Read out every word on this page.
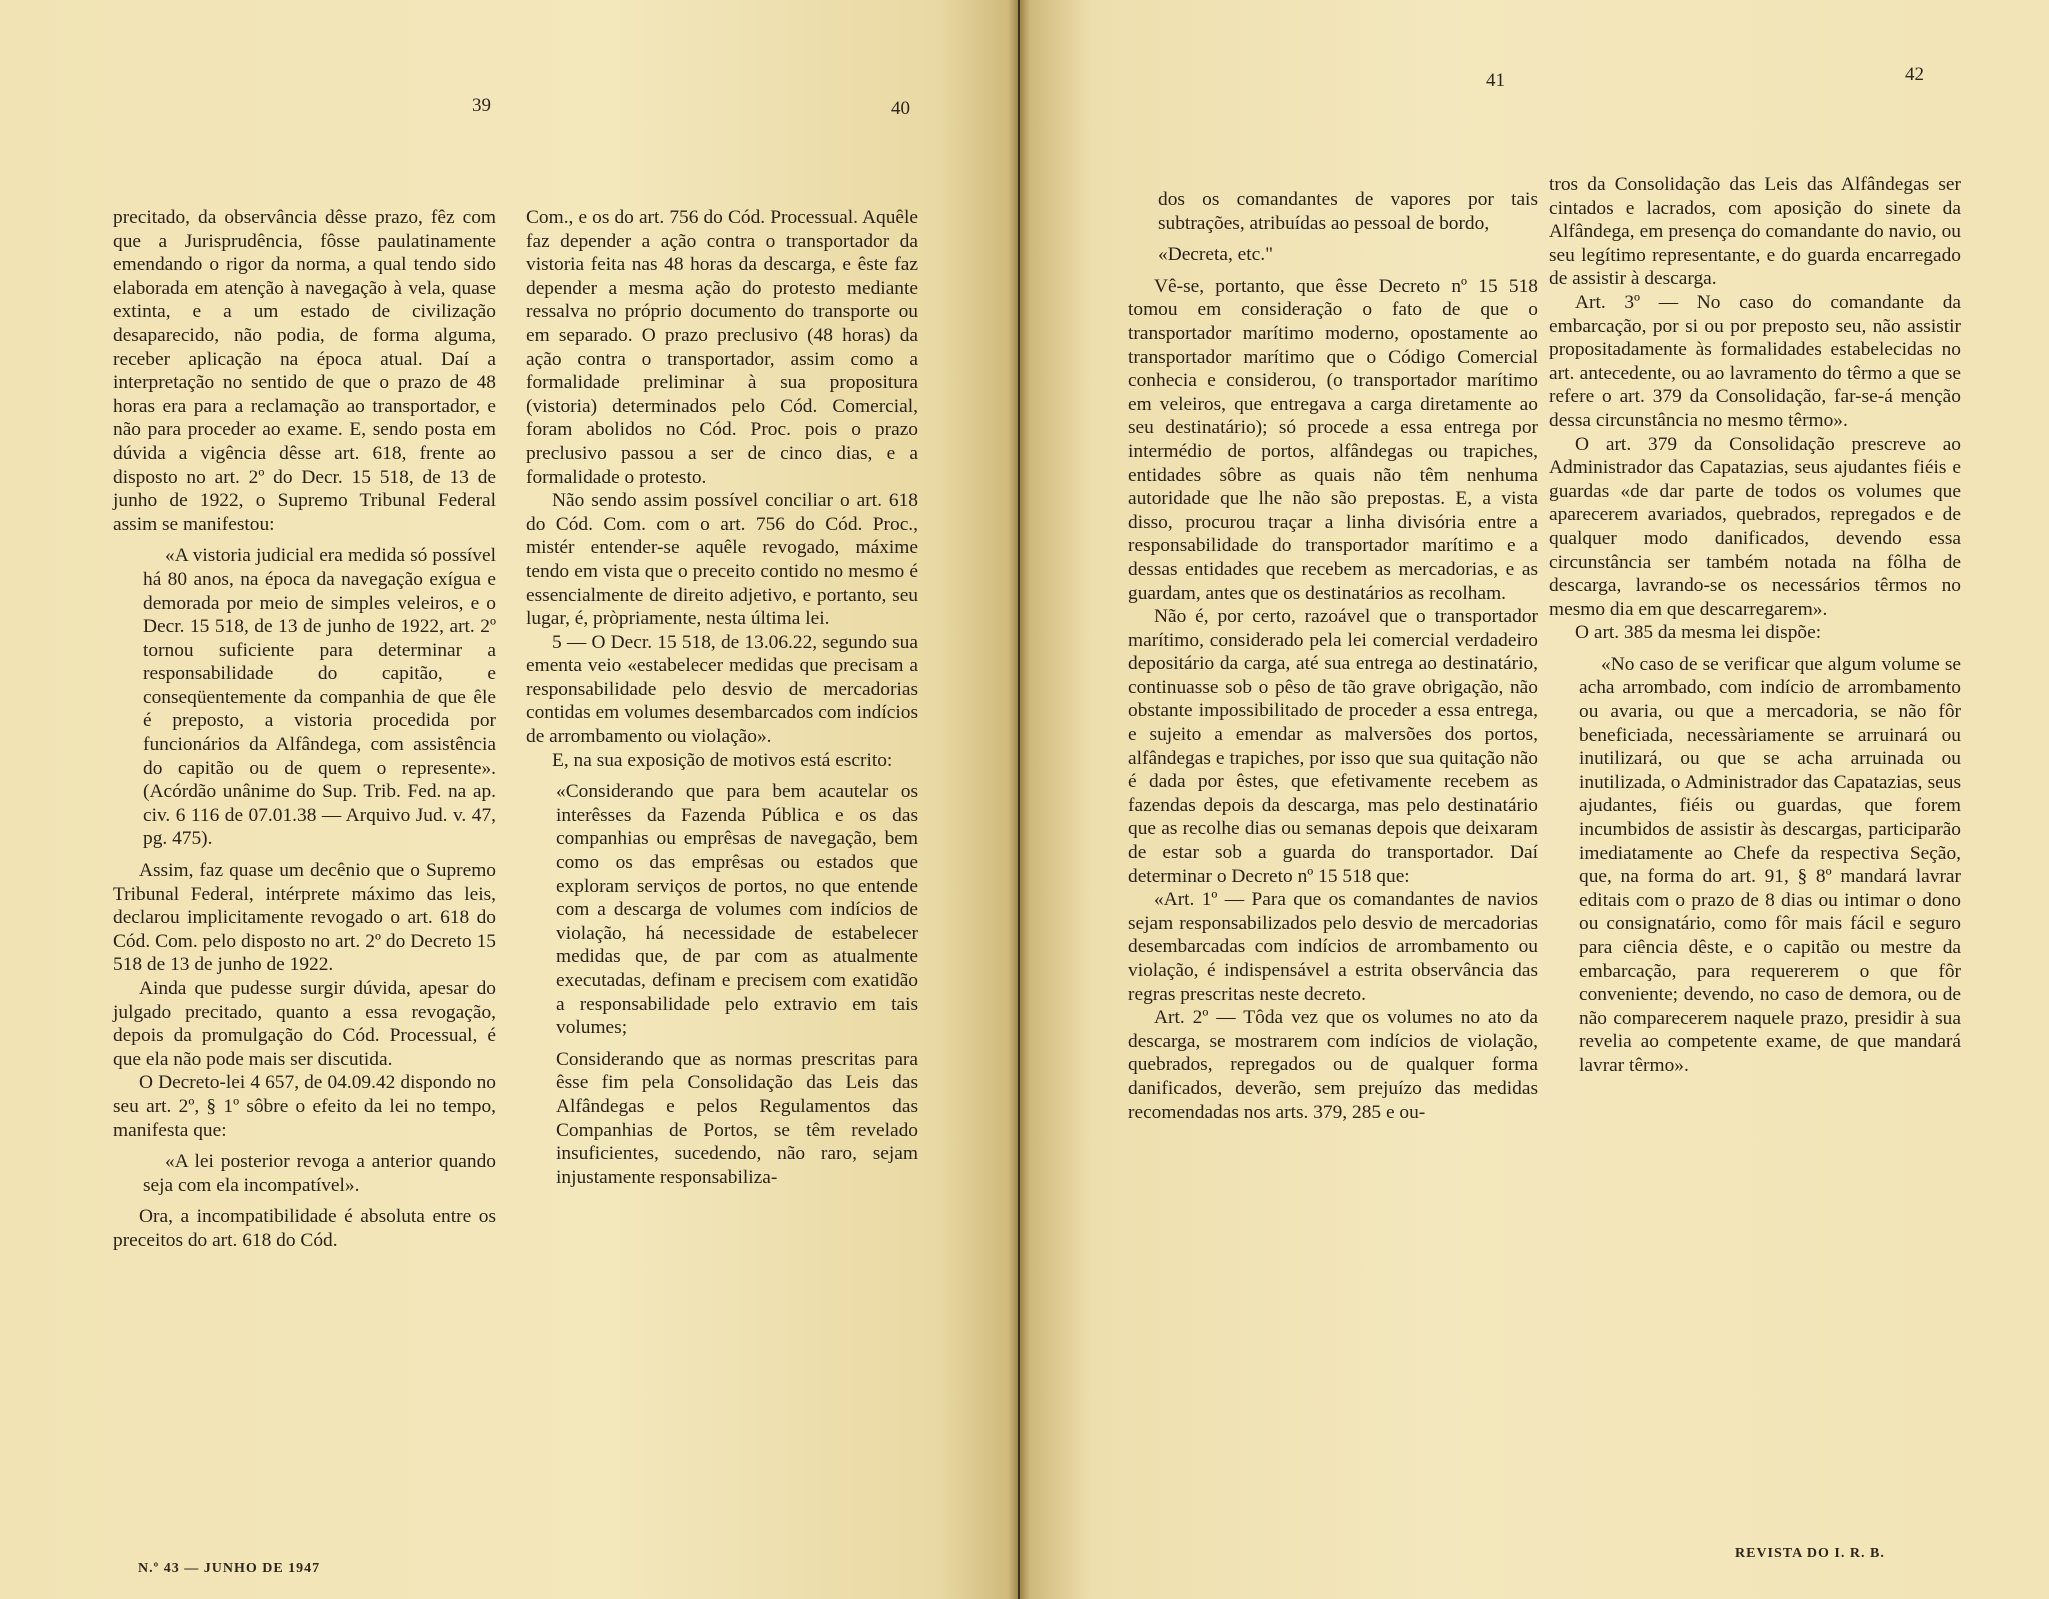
39	40

precitado, da observância dêsse prazo, fêz com que a Jurisprudência, fôsse paulatinamente emendando o rigor da norma, a qual tendo sido elaborada em atenção à navegação à vela, quase extinta, e a um estado de civilização desaparecido, não podia, de forma alguma, receber aplicação na época atual. Daí a interpretação no sentido de que o prazo de 48 horas era para a reclamação ao transportador, e não para proceder ao exame. E, sendo posta em dúvida a vigência dêsse art. 618, frente ao disposto no art. 2º do Decr. 15 518, de 13 de junho de 1922, o Supremo Tribunal Federal assim se manifestou:

«A vistoria judicial era medida só possível há 80 anos, na época da navegação exígua e demorada por meio de simples veleiros, e o Decr. 15 518, de 13 de junho de 1922, art. 2º tornou suficiente para determinar a responsabilidade do capitão, e conseqüentemente da companhia de que êle é preposto, a vistoria procedida por funcionários da Alfândega, com assistência do capitão ou de quem o represente». (Acórdão unânime do Sup. Trib. Fed. na ap. civ. 6 116 de 07.01.38 — Arquivo Jud. v. 47, pg. 475).

Assim, faz quase um decênio que o Supremo Tribunal Federal, intérprete máximo das leis, declarou implicitamente revogado o art. 618 do Cód. Com. pelo disposto no art. 2º do Decreto 15 518 de 13 de junho de 1922.

Ainda que pudesse surgir dúvida, apesar do julgado precitado, quanto a essa revogação, depois da promulgação do Cód. Processual, é que ela não pode mais ser discutida.

O Decreto-lei 4 657, de 04.09.42 dispondo no seu art. 2º, § 1º sôbre o efeito da lei no tempo, manifesta que:

«A lei posterior revoga a anterior quando seja com ela incompatível».

Ora, a incompatibilidade é absoluta entre os preceitos do art. 618 do Cód.

Com., e os do art. 756 do Cód. Processual. Aquêle faz depender a ação contra o transportador da vistoria feita nas 48 horas da descarga, e êste faz depender a mesma ação do protesto mediante ressalva no próprio documento do transporte ou em separado. O prazo preclusivo (48 horas) da ação contra o transportador, assim como a formalidade preliminar à sua propositura (vistoria) determinados pelo Cód. Comercial, foram abolidos no Cód. Proc. pois o prazo preclusivo passou a ser de cinco dias, e a formalidade o protesto.

Não sendo assim possível conciliar o art. 618 do Cód. Com. com o art. 756 do Cód. Proc., mistér entender-se aquêle revogado, máxime tendo em vista que o preceito contido no mesmo é essencialmente de direito adjetivo, e portanto, seu lugar, é, pròpriamente, nesta última lei.

5 — O Decr. 15 518, de 13.06.22, segundo sua ementa veio «estabelecer medidas que precisam a responsabilidade pelo desvio de mercadorias contidas em volumes desembarcados com indícios de arrombamento ou violação».

E, na sua exposição de motivos está escrito:

«Considerando que para bem acautelar os interêsses da Fazenda Pública e os das companhias ou emprêsas de navegação, bem como os das emprêsas ou estados que exploram serviços de portos, no que entende com a descarga de volumes com indícios de violação, há necessidade de estabelecer medidas que, de par com as atualmente executadas, definam e precisem com exatidão a responsabilidade pelo extravio em tais volumes;

Considerando que as normas prescritas para êsse fim pela Consolidação das Leis das Alfândegas e pelos Regulamentos das Companhias de Portos, se têm revelado insuficientes, sucedendo, não raro, sejam injustamente responsabiliza-

N.º 43 — JUNHO DE 1947
41	42

dos os comandantes de vapores por tais subtrações, atribuídas ao pessoal de bordo,

«Decreta, etc."

Vê-se, portanto, que êsse Decreto nº 15 518 tomou em consideração o fato de que o transportador marítimo moderno, opostamente ao transportador marítimo que o Código Comercial conhecia e considerou, (o transportador marítimo em veleiros, que entregava a carga diretamente ao seu destinatário); só procede a essa entrega por intermédio de portos, alfândegas ou trapiches, entidades sôbre as quais não têm nenhuma autoridade que lhe não são prepostas. E, a vista disso, procurou traçar a linha divisória entre a responsabilidade do transportador marítimo e a dessas entidades que recebem as mercadorias, e as guardam, antes que os destinatários as recolham.

Não é, por certo, razoável que o transportador marítimo, considerado pela lei comercial verdadeiro depositário da carga, até sua entrega ao destinatário, continuasse sob o pêso de tão grave obrigação, não obstante impossibilitado de proceder a essa entrega, e sujeito a emendar as malversões dos portos, alfândegas e trapiches, por isso que sua quitação não é dada por êstes, que efetivamente recebem as fazendas depois da descarga, mas pelo destinatário que as recolhe dias ou semanas depois que deixaram de estar sob a guarda do transportador. Daí determinar o Decreto nº 15 518 que:

«Art. 1º — Para que os comandantes de navios sejam responsabilizados pelo desvio de mercadorias desembarcadas com indícios de arrombamento ou violação, é indispensável a estrita observância das regras prescritas neste decreto.

Art. 2º — Tôda vez que os volumes no ato da descarga, se mostrarem com indícios de violação, quebrados, repregados ou de qualquer forma danificados, deverão, sem prejuízo das medidas recomendadas nos arts. 379, 285 e ou-

tros da Consolidação das Leis das Alfândegas ser cintados e lacrados, com aposição do sinete da Alfândega, em presença do comandante do navio, ou seu legítimo representante, e do guarda encarregado de assistir à descarga.

Art. 3º — No caso do comandante da embarcação, por si ou por preposto seu, não assistir propositadamente às formalidades estabelecidas no art. antecedente, ou ao lavramento do têrmo a que se refere o art. 379 da Consolidação, far-se-á menção dessa circunstância no mesmo têrmo».

O art. 379 da Consolidação prescreve ao Administrador das Capatazias, seus ajudantes fiéis e guardas «de dar parte de todos os volumes que aparecerem avariados, quebrados, repregados e de qualquer modo danificados, devendo essa circunstância ser também notada na fôlha de descarga, lavrando-se os necessários têrmos no mesmo dia em que descarregarem».

O art. 385 da mesma lei dispõe:

«No caso de se verificar que algum volume se acha arrombado, com indício de arrombamento ou avaria, ou que a mercadoria, se não fôr beneficiada, necessàriamente se arruinará ou inutilizará, ou que se acha arruinada ou inutilizada, o Administrador das Capatazias, seus ajudantes, fiéis ou guardas, que forem incumbidos de assistir às descargas, participarão imediatamente ao Chefe da respectiva Seção, que, na forma do art. 91, § 8º mandará lavrar editais com o prazo de 8 dias ou intimar o dono ou consignatário, como fôr mais fácil e seguro para ciência dêste, e o capitão ou mestre da embarcação, para requererem o que fôr conveniente; devendo, no caso de demora, ou de não comparecerem naquele prazo, presidir à sua revelia ao competente exame, de que mandará lavrar têrmo».

REVISTA DO I. R. B.
